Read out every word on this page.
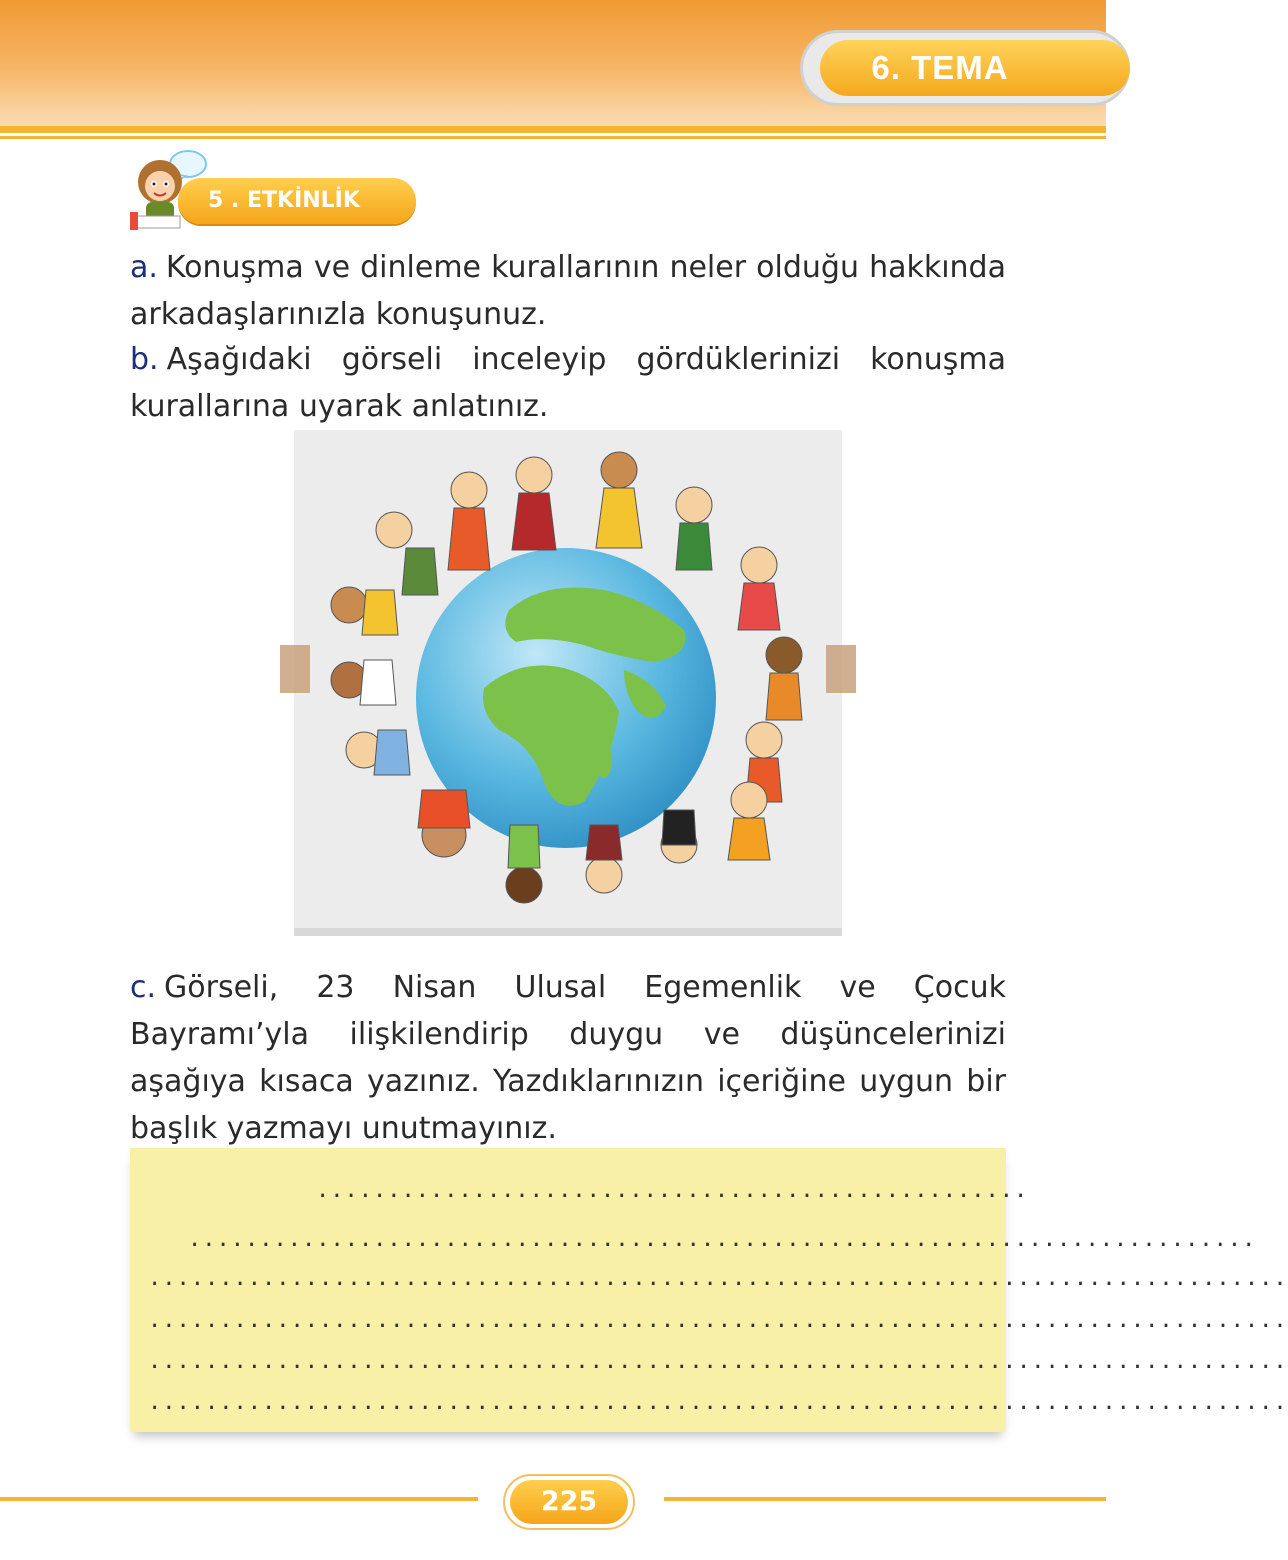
6. TEMA
5 . ETKİNLİK
a. Konuşma ve dinleme kurallarının neler olduğu hakkında arkadaşlarınızla konuşunuz.
b. Aşağıdaki görseli inceleyip gördüklerinizi konuşma kurallarına uyarak anlatınız.
c. Görseli, 23 Nisan Ulusal Egemenlik ve Çocuk Bayramı’yla ilişkilendirip duygu ve düşüncelerinizi aşağıya kısaca yazınız. Yazdıklarınızın içeriğine uygun bir başlık yazmayı unutmayınız.
..................................................
...........................................................................
................................................................................
................................................................................
................................................................................
................................................................................
225
